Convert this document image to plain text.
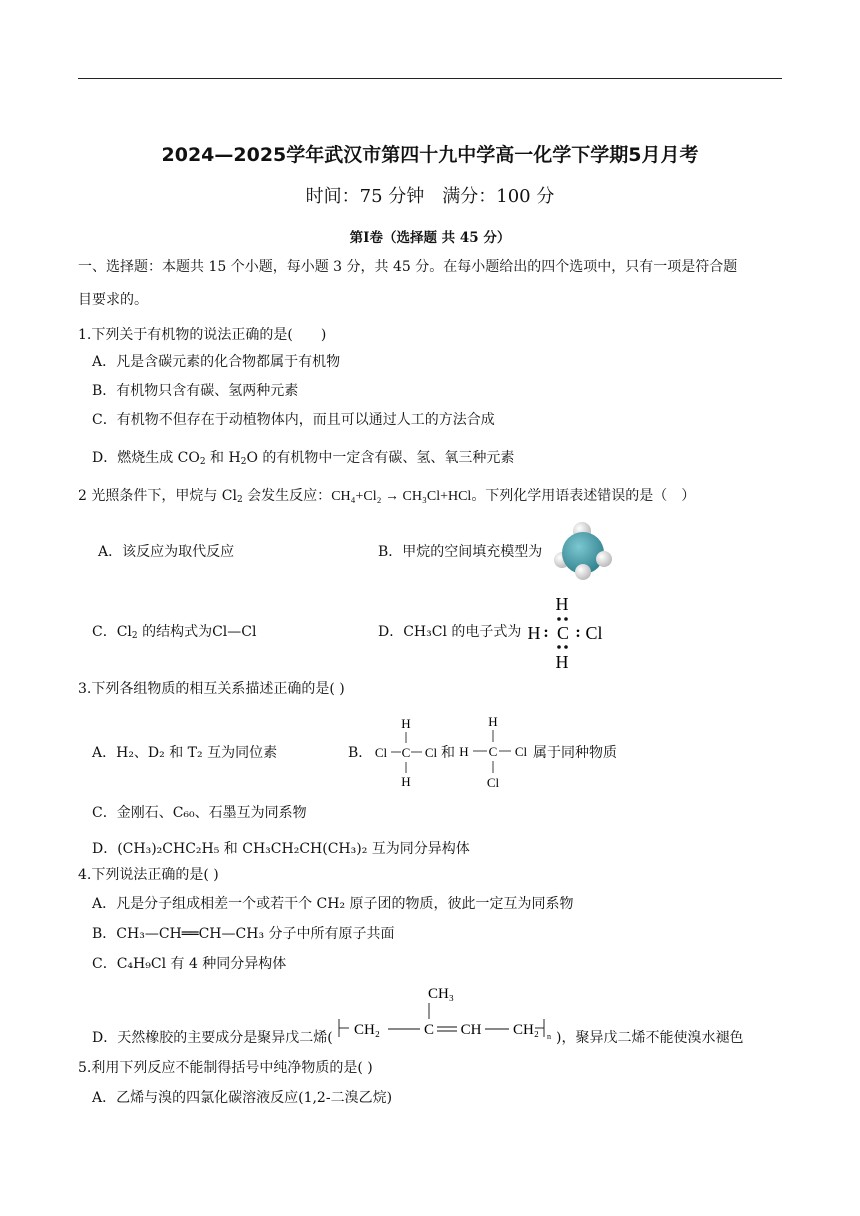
2024—2025学年武汉市第四十九中学高一化学下学期5月月考
时间：75 分钟　满分：100 分
第Ⅰ卷（选择题 共 45 分）
一、选择题：本题共 15 个小题，每小题 3 分，共 45 分。在每小题给出的四个选项中，只有一项是符合题
目要求的。
1.下列关于有机物的说法正确的是(　　)
A．凡是含碳元素的化合物都属于有机物
B．有机物只含有碳、氢两种元素
C．有机物不但存在于动植物体内，而且可以通过人工的方法合成
D．燃烧生成 $CO_2$ 和 $H_2O$ 的有机物中一定含有碳、氢、氧三种元素
2 光照条件下，甲烷与 $Cl_2$ 会发生反应：CH₄+Cl₂ → CH₃Cl+HCl。下列化学用语表述错误的是（　）
A．该反应为取代反应	B．甲烷的空间填充模型为
C．$Cl_2$ 的结构式为Cl—Cl	D．CH₃Cl 的电子式为
H
H C Cl
H
: :
3.下列各组物质的相互关系描述正确的是( )
A．H₂、D₂ 和 T₂ 互为同位素	B．
H
Cl C Cl
H
和
H
H C Cl
Cl
属于同种物质
C．金刚石、C₆₀、石墨互为同系物
D．(CH₃)₂CHC₂H₅ 和 CH₃CH₂CH(CH₃)₂ 互为同分异构体
4.下列说法正确的是( )
A．凡是分子组成相差一个或若干个 CH₂ 原子团的物质，彼此一定互为同系物
B．CH₃—CH══CH—CH₃ 分子中所有原子共面
C．C₄H₉Cl 有 4 种同分异构体
D．天然橡胶的主要成分是聚异戊二烯(
CH₃
CH₂	C CH CH₂ n )，聚异戊二烯不能使溴水褪色
5.利用下列反应不能制得括号中纯净物质的是( )
A．乙烯与溴的四氯化碳溶液反应(1,2-二溴乙烷)
